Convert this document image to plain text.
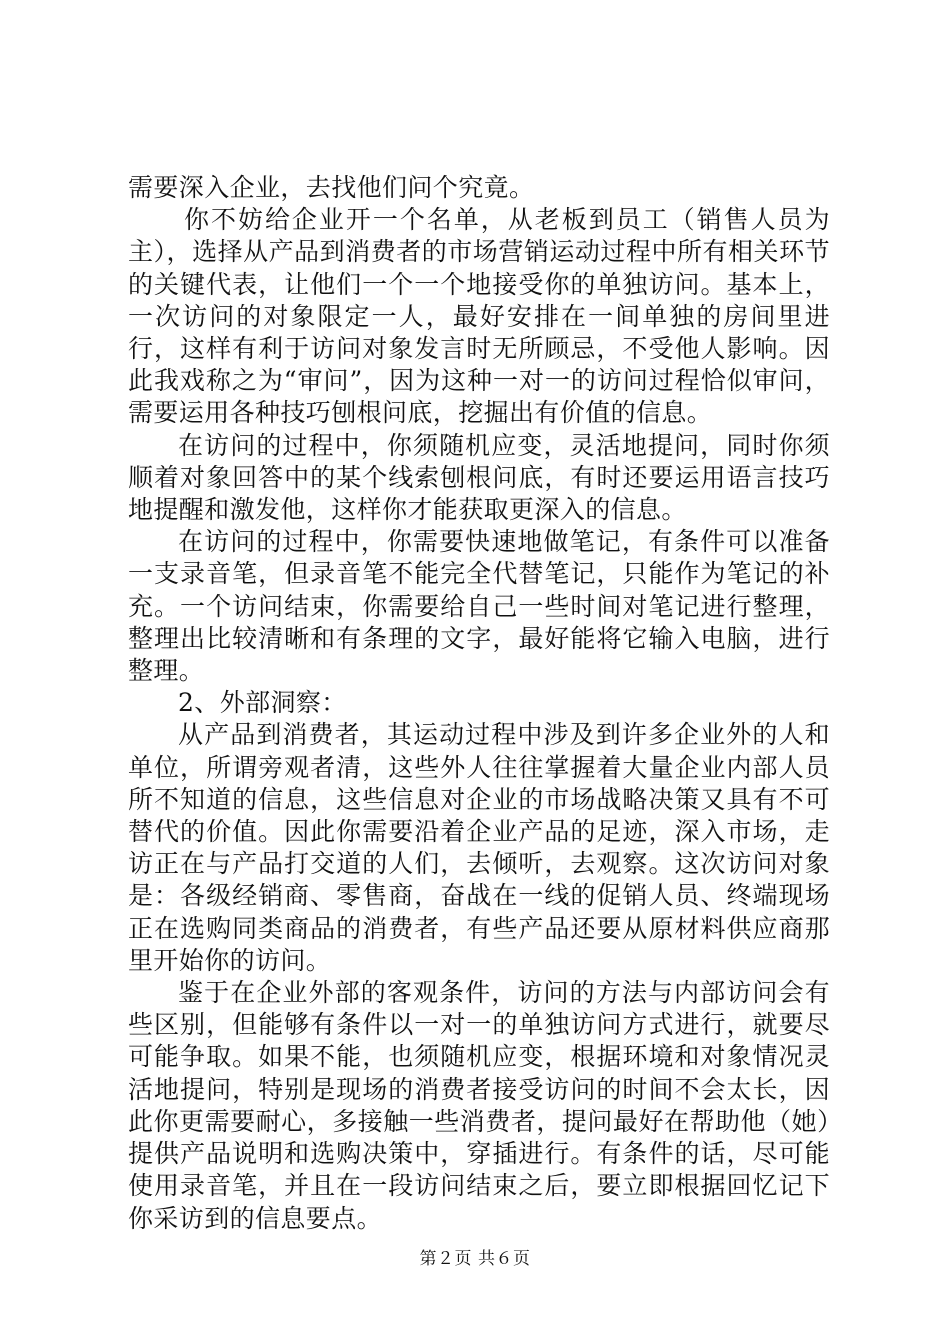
需要深入企业，去找他们问个究竟。

你不妨给企业开一个名单，从老板到员工（销售人员为主），选择从产品到消费者的市场营销运动过程中所有相关环节的关键代表，让他们一个一个地接受你的单独访问。基本上，一次访问的对象限定一人，最好安排在一间单独的房间里进行，这样有利于访问对象发言时无所顾忌，不受他人影响。因此我戏称之为“审问”，因为这种一对一的访问过程恰似审问，需要运用各种技巧刨根问底，挖掘出有价值的信息。

在访问的过程中，你须随机应变，灵活地提问，同时你须顺着对象回答中的某个线索刨根问底，有时还要运用语言技巧地提醒和激发他，这样你才能获取更深入的信息。

在访问的过程中，你需要快速地做笔记，有条件可以准备一支录音笔，但录音笔不能完全代替笔记，只能作为笔记的补充。一个访问结束，你需要给自己一些时间对笔记进行整理，整理出比较清晰和有条理的文字，最好能将它输入电脑，进行整理。

2、外部洞察：

从产品到消费者，其运动过程中涉及到许多企业外的人和单位，所谓旁观者清，这些外人往往掌握着大量企业内部人员所不知道的信息，这些信息对企业的市场战略决策又具有不可替代的价值。因此你需要沿着企业产品的足迹，深入市场，走访正在与产品打交道的人们，去倾听，去观察。这次访问对象是：各级经销商、零售商，奋战在一线的促销人员、终端现场正在选购同类商品的消费者，有些产品还要从原材料供应商那里开始你的访问。

鉴于在企业外部的客观条件，访问的方法与内部访问会有些区别，但能够有条件以一对一的单独访问方式进行，就要尽可能争取。如果不能，也须随机应变，根据环境和对象情况灵活地提问，特别是现场的消费者接受访问的时间不会太长，因此你更需要耐心，多接触一些消费者，提问最好在帮助他（她）提供产品说明和选购决策中，穿插进行。有条件的话，尽可能使用录音笔，并且在一段访问结束之后，要立即根据回忆记下你采访到的信息要点。

第２页 共６页
